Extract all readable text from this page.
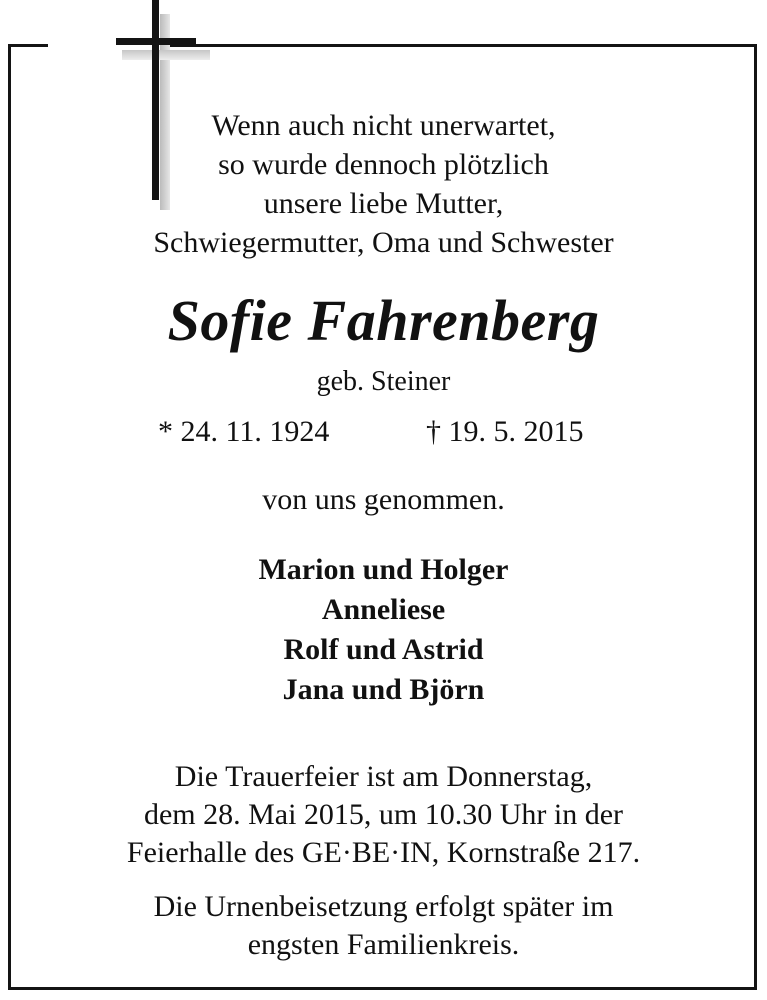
Wenn auch nicht unerwartet,
so wurde dennoch plötzlich
unsere liebe Mutter,
Schwiegermutter, Oma und Schwester
Sofie Fahrenberg
geb. Steiner
* 24. 11. 1924	† 19. 5. 2015
von uns genommen.
Marion und Holger
Anneliese
Rolf und Astrid
Jana und Björn
Die Trauerfeier ist am Donnerstag,
dem 28. Mai 2015, um 10.30 Uhr in der
Feierhalle des GE·BE·IN, Kornstraße 217.
Die Urnenbeisetzung erfolgt später im
engsten Familienkreis.
